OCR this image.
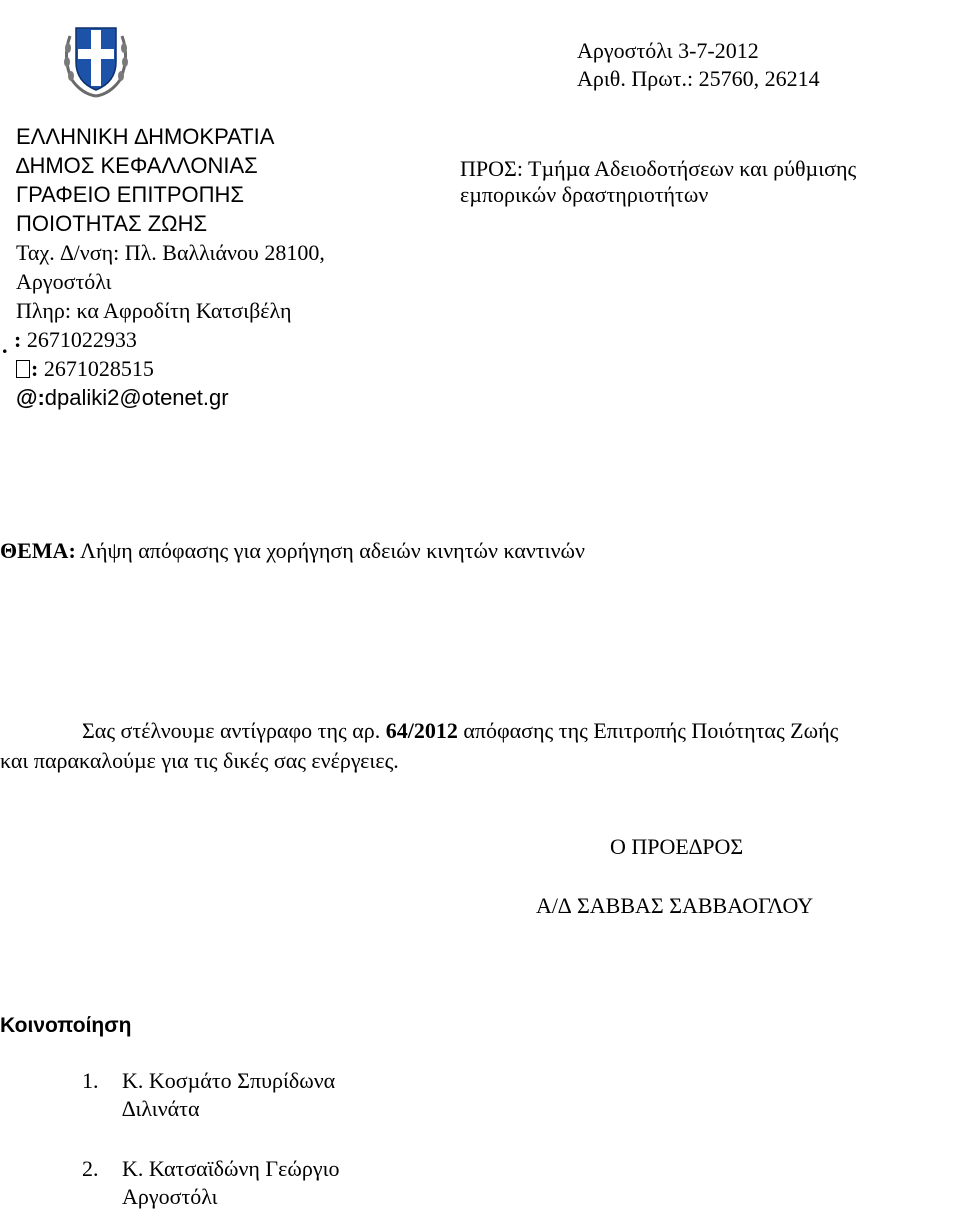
ΕΛΛΗΝΙΚΗ ∆ΗΜΟΚΡΑΤΙΑ
∆ΗΜΟΣ ΚΕΦΑΛΛΟΝΙΑΣ
ΓΡΑΦΕΙΟ ΕΠΙΤΡΟΠΗΣ
ΠΟΙΟΤΗΤΑΣ ΖΩΗΣ
Ταχ. ∆/νση: Πλ. Βαλλιάνου 28100,
Αργοστόλι
Πληρ: κα Αφροδίτη Κατσιβέλη
. : 2671022933
: 2671028515
@:dpaliki2@otenet.gr
Αργοστόλι 3-7-2012
Αριθ. Πρωτ.: 25760, 26214
ΠΡΟΣ: Τµήµα Αδειοδοτήσεων και ρύθµισης
εµπορικών δραστηριοτήτων
ΘΕΜΑ: Λήψη απόφασης για χορήγηση αδειών κινητών καντινών
Σας στέλνουµε αντίγραφο της αρ. 64/2012 απόφασης της Επιτροπής Ποιότητας Ζωής
και παρακαλούµε για τις δικές σας ενέργειες.
Ο ΠΡΟΕ∆ΡΟΣ
Α/∆ ΣΑΒΒΑΣ ΣΑΒΒΑΟΓΛΟΥ
Κοινοποίηση
1. Κ. Κοσµάτο Σπυρίδωνα
∆ιλινάτα
2. Κ. Κατσαϊδώνη Γεώργιο
Αργοστόλι
